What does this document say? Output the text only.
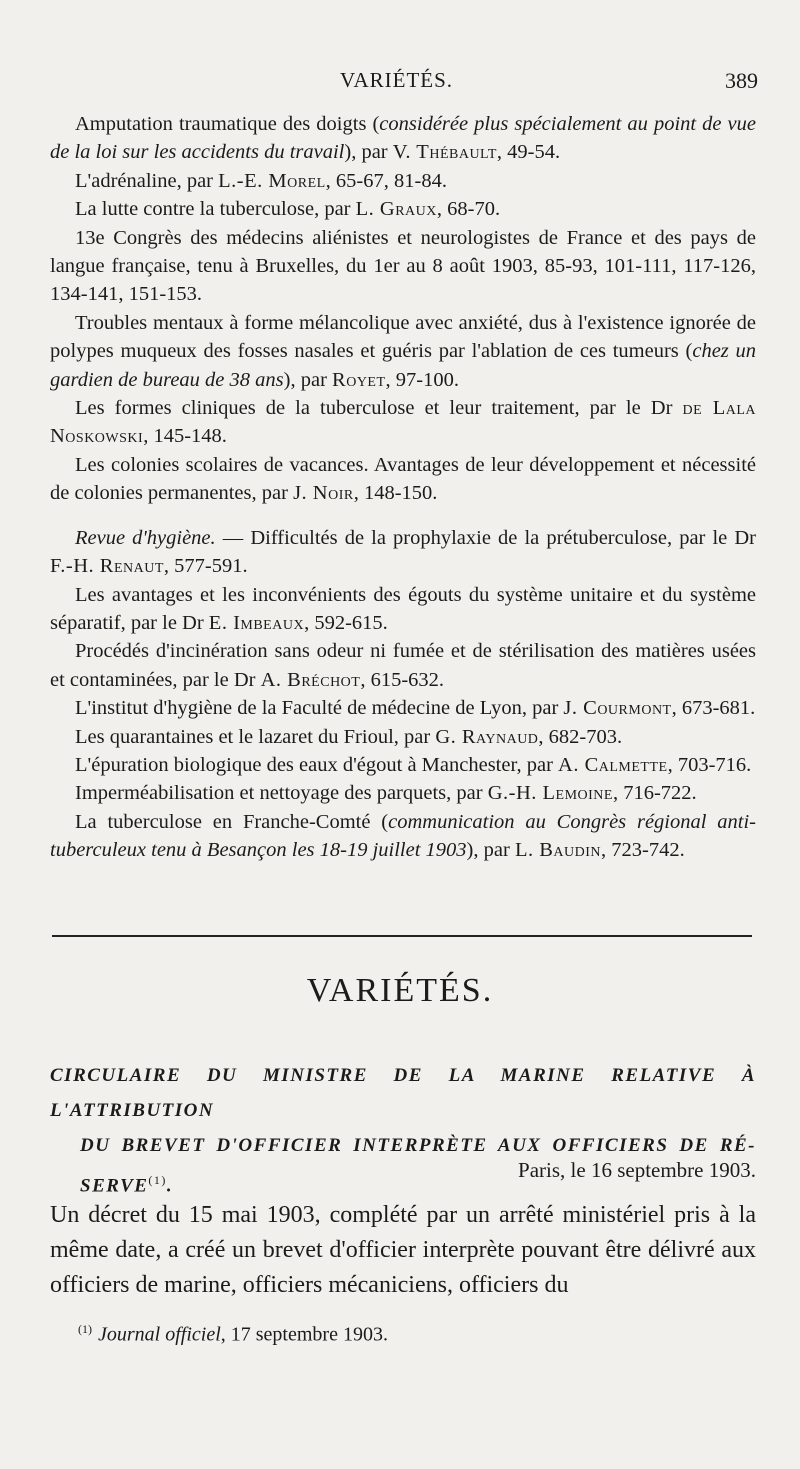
VARIÉTÉS.	389

Amputation traumatique des doigts (considérée plus spécialement au point de vue de la loi sur les accidents du travail), par V. Thébault, 49-54.

L'adrénaline, par L.-E. Morel, 65-67, 81-84.

La lutte contre la tuberculose, par L. Graux, 68-70.

13e Congrès des médecins aliénistes et neurologistes de France et des pays de langue française, tenu à Bruxelles, du 1er au 8 août 1903, 85-93, 101-111, 117-126, 134-141, 151-153.

Troubles mentaux à forme mélancolique avec anxiété, dus à l'existence ignorée de polypes muqueux des fosses nasales et guéris par l'ablation de ces tumeurs (chez un gardien de bureau de 38 ans), par Royet, 97-100.

Les formes cliniques de la tuberculose et leur traitement, par le Dr de Lala Noskowski, 145-148.

Les colonies scolaires de vacances. Avantages de leur développement et nécessité de colonies permanentes, par J. Noir, 148-150.

Revue d'hygiène. — Difficultés de la prophylaxie de la prétuberculose, par le Dr F.-H. Renaut, 577-591.

Les avantages et les inconvénients des égouts du système unitaire et du système séparatif, par le Dr E. Imbeaux, 592-615.

Procédés d'incinération sans odeur ni fumée et de stérilisation des matières usées et contaminées, par le Dr A. Bréchot, 615-632.

L'institut d'hygiène de la Faculté de médecine de Lyon, par J. Courmont, 673-681.

Les quarantaines et le lazaret du Frioul, par G. Raynaud, 682-703.

L'épuration biologique des eaux d'égout à Manchester, par A. Calmette, 703-716.

Imperméabilisation et nettoyage des parquets, par G.-H. Lemoine, 716-722.

La tuberculose en Franche-Comté (communication au Congrès régional anti-tuberculeux tenu à Besançon les 18-19 juillet 1903), par L. Baudin, 723-742.

VARIÉTÉS.
CIRCULAIRE DU MINISTRE DE LA MARINE RELATIVE À L'ATTRIBUTION
DU BREVET D'OFFICIER INTERPRÈTE AUX OFFICIERS DE RÉ-
SERVE$^{(1)}$.
Paris, le 16 septembre 1903.

Un décret du 15 mai 1903, complété par un arrêté ministériel pris à la même date, a créé un brevet d'officier interprète pouvant être délivré aux officiers de marine, officiers mécaniciens, officiers du

$^{(1)}$ Journal officiel, 17 septembre 1903.
